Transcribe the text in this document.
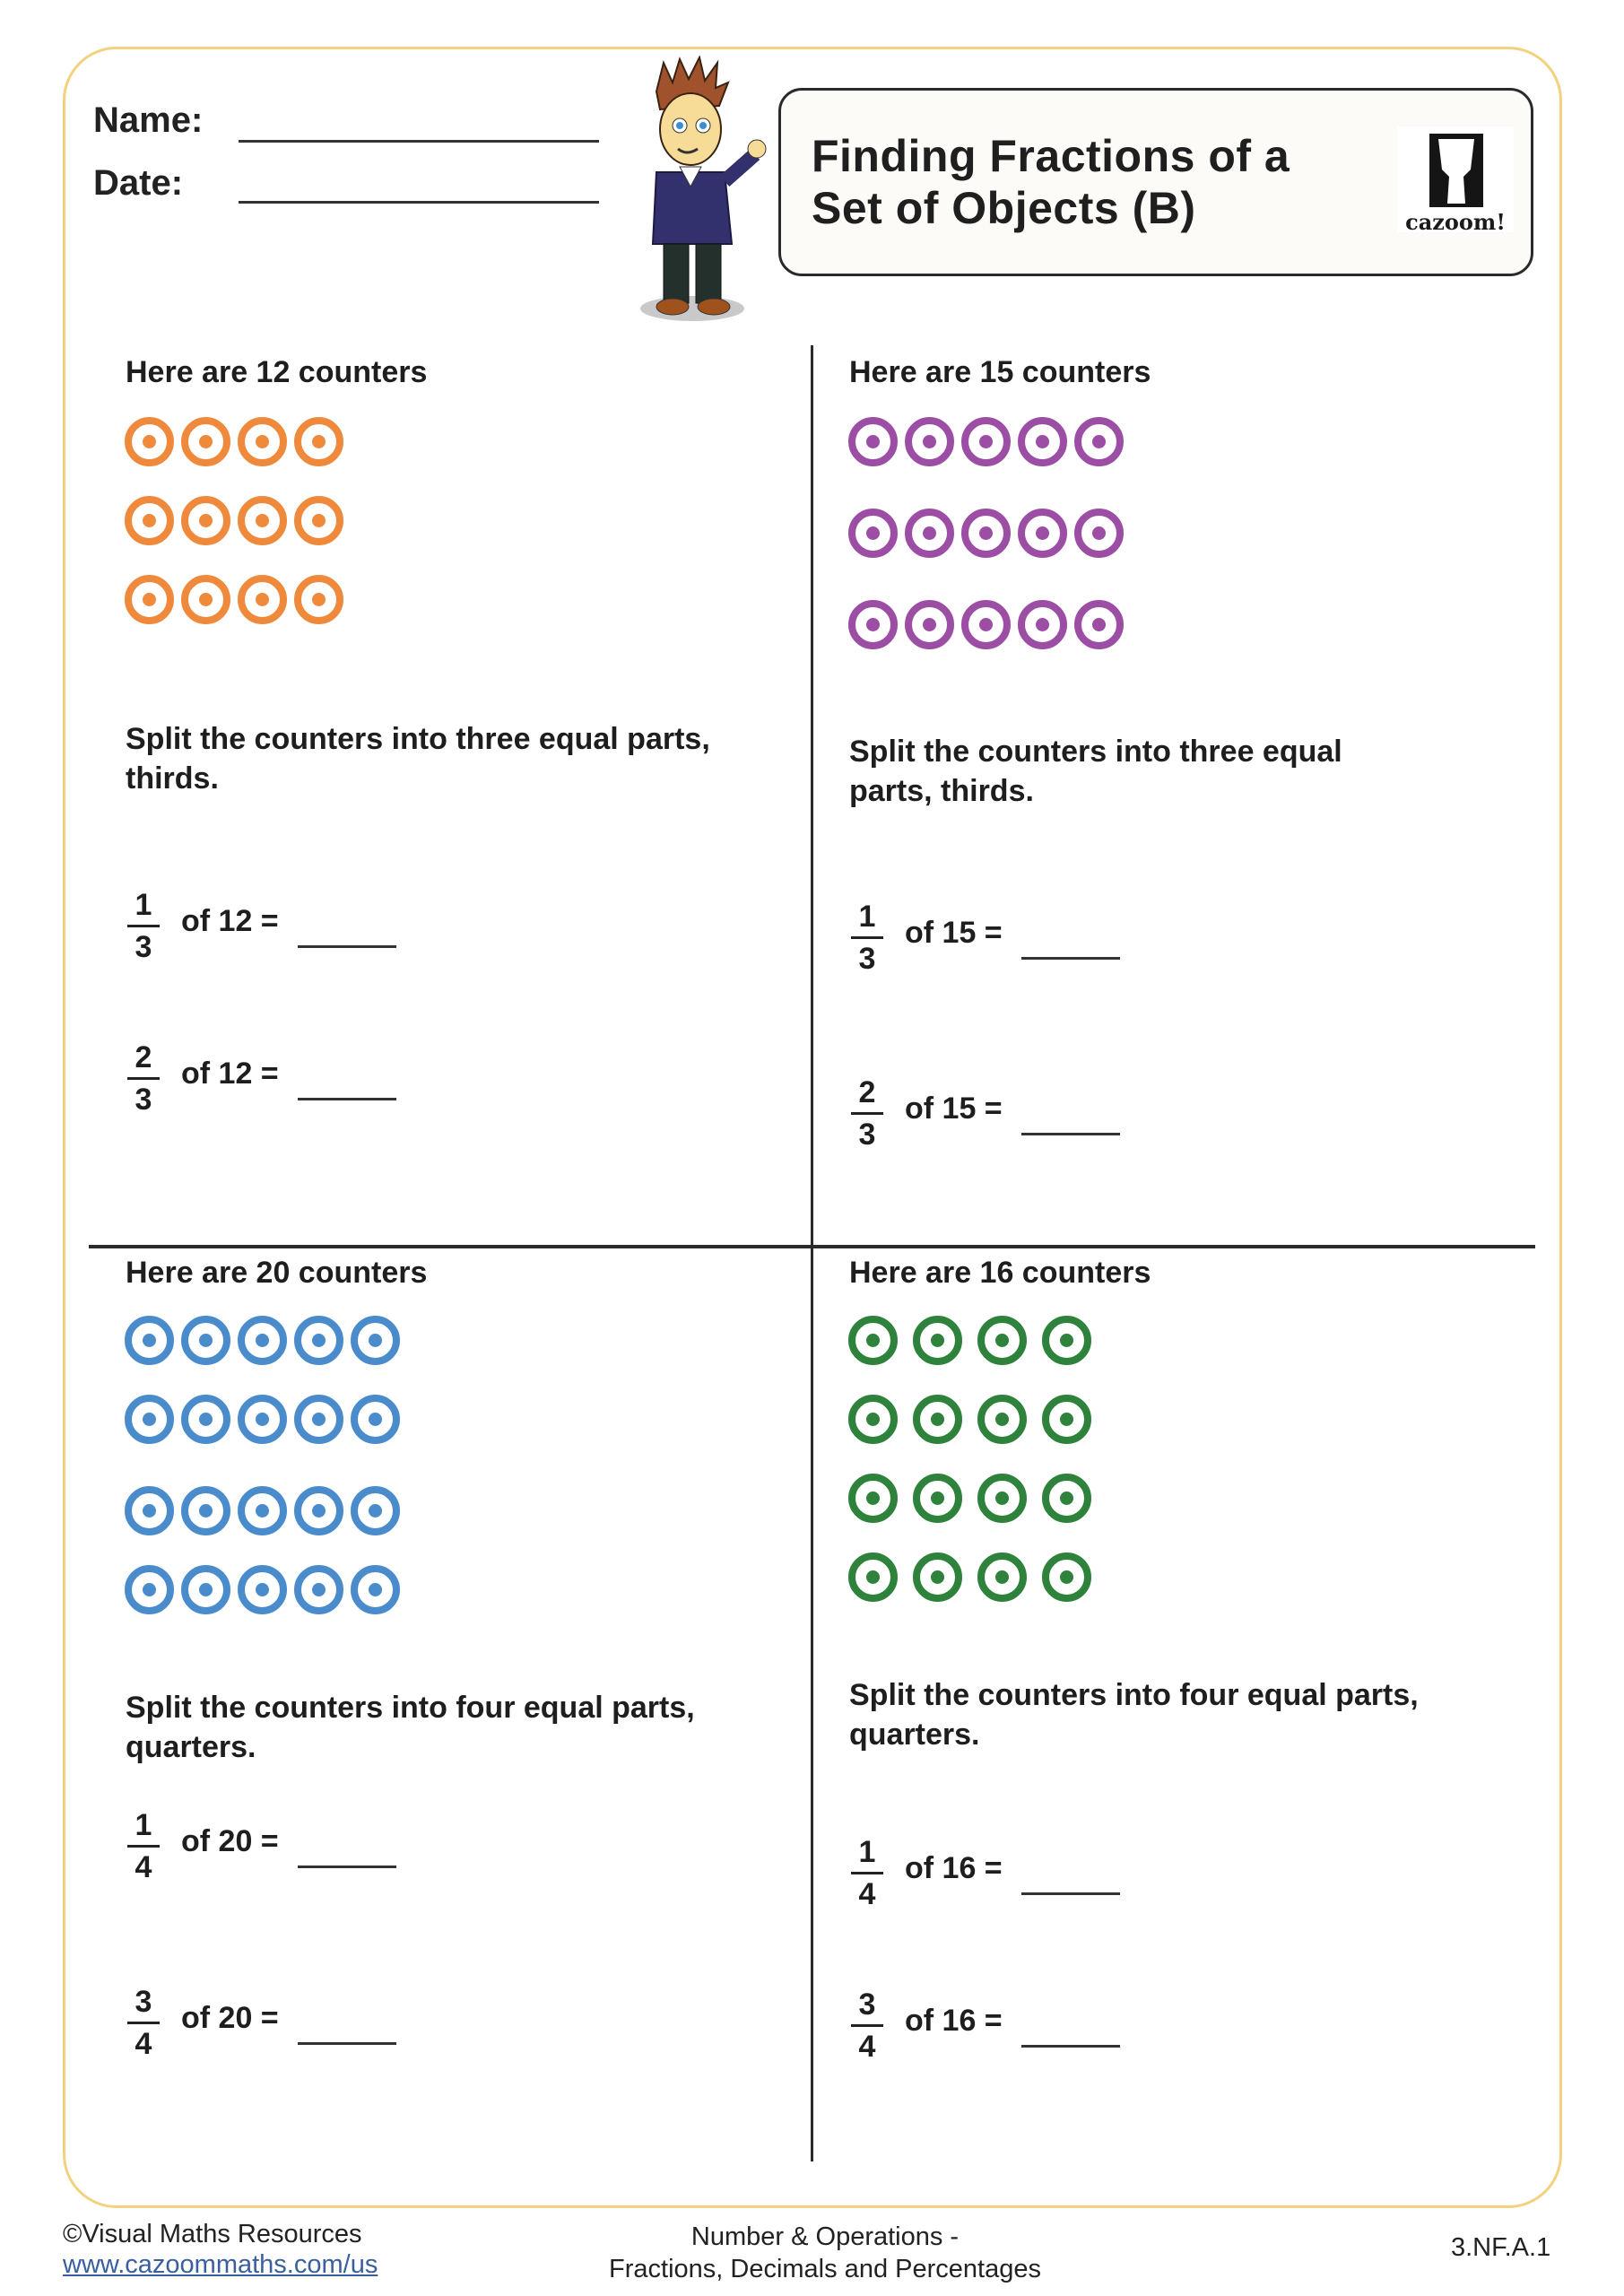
Name:
Date:
Finding Fractions of a
Set of Objects (B)	cazoom!
Here are 12 counters
Split the counters into three equal parts,
thirds.
1
3
of 12 =
2
3
of 12 =
Here are 15 counters
Split the counters into three equal
parts, thirds.
1
3
of 15 =
2
3
of 15 =
Here are 20 counters
Split the counters into four equal parts,
quarters.
1
4
of 20 =
3
4
of 20 =
Here are 16 counters
Split the counters into four equal parts,
quarters.
1
4
of 16 =
3
4
of 16 =
©Visual Maths Resources
www.cazoommaths.com/us
Number & Operations -
Fractions, Decimals and Percentages
3.NF.A.1
